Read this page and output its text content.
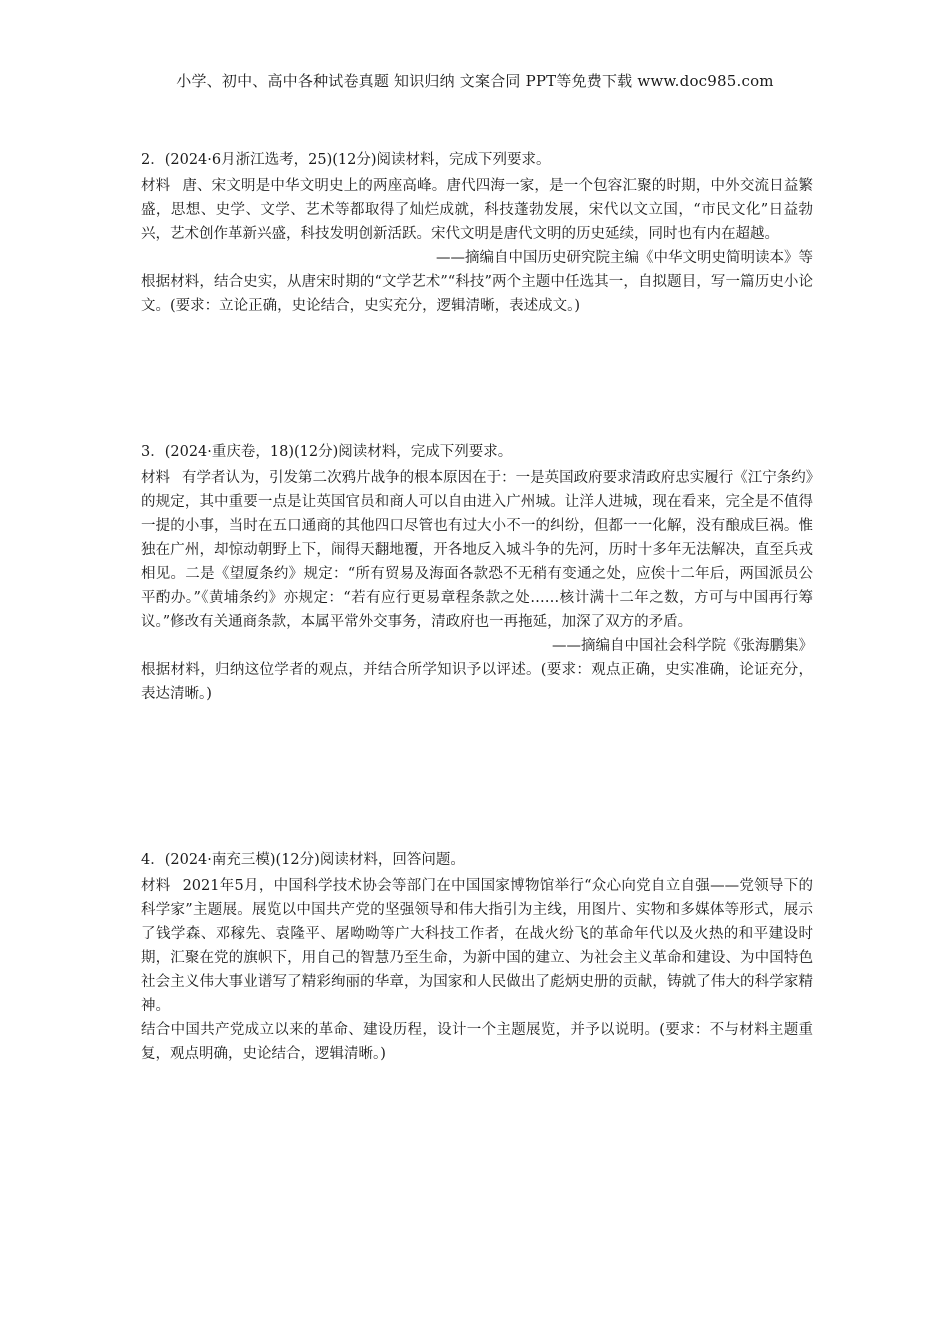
小学、初中、高中各种试卷真题 知识归纳 文案合同 PPT等免费下载 www.doc985.com

2．(2024·6月浙江选考，25)(12分)阅读材料，完成下列要求。

材料 唐、宋文明是中华文明史上的两座高峰。唐代四海一家，是一个包容汇聚的时期，中外交流日益繁盛，思想、史学、文学、艺术等都取得了灿烂成就，科技蓬勃发展，宋代以文立国，“市民文化”日益勃兴，艺术创作革新兴盛，科技发明创新活跃。宋代文明是唐代文明的历史延续，同时也有内在超越。

——摘编自中国历史研究院主编《中华文明史简明读本》等

根据材料，结合史实，从唐宋时期的“文学艺术”“科技”两个主题中任选其一，自拟题目，写一篇历史小论文。(要求：立论正确，史论结合，史实充分，逻辑清晰，表述成文。)

3．(2024·重庆卷，18)(12分)阅读材料，完成下列要求。

材料 有学者认为，引发第二次鸦片战争的根本原因在于：一是英国政府要求清政府忠实履行《江宁条约》的规定，其中重要一点是让英国官员和商人可以自由进入广州城。让洋人进城，现在看来，完全是不值得一提的小事，当时在五口通商的其他四口尽管也有过大小不一的纠纷，但都一一化解，没有酿成巨祸。惟独在广州，却惊动朝野上下，闹得天翻地覆，开各地反入城斗争的先河，历时十多年无法解决，直至兵戎相见。二是《望厦条约》规定：“所有贸易及海面各款恐不无稍有变通之处，应俟十二年后，两国派员公平酌办。”《黄埔条约》亦规定：“若有应行更易章程条款之处……核计满十二年之数，方可与中国再行筹议。”修改有关通商条款，本属平常外交事务，清政府也一再拖延，加深了双方的矛盾。

——摘编自中国社会科学院《张海鹏集》

根据材料，归纳这位学者的观点，并结合所学知识予以评述。(要求：观点正确，史实准确，论证充分，表达清晰。)

4．(2024·南充三模)(12分)阅读材料，回答问题。

材料 2021年5月，中国科学技术协会等部门在中国国家博物馆举行“众心向党自立自强——党领导下的科学家”主题展。展览以中国共产党的坚强领导和伟大指引为主线，用图片、实物和多媒体等形式，展示了钱学森、邓稼先、袁隆平、屠呦呦等广大科技工作者，在战火纷飞的革命年代以及火热的和平建设时期，汇聚在党的旗帜下，用自己的智慧乃至生命，为新中国的建立、为社会主义革命和建设、为中国特色社会主义伟大事业谱写了精彩绚丽的华章，为国家和人民做出了彪炳史册的贡献，铸就了伟大的科学家精神。

结合中国共产党成立以来的革命、建设历程，设计一个主题展览，并予以说明。(要求：不与材料主题重复，观点明确，史论结合，逻辑清晰。)
